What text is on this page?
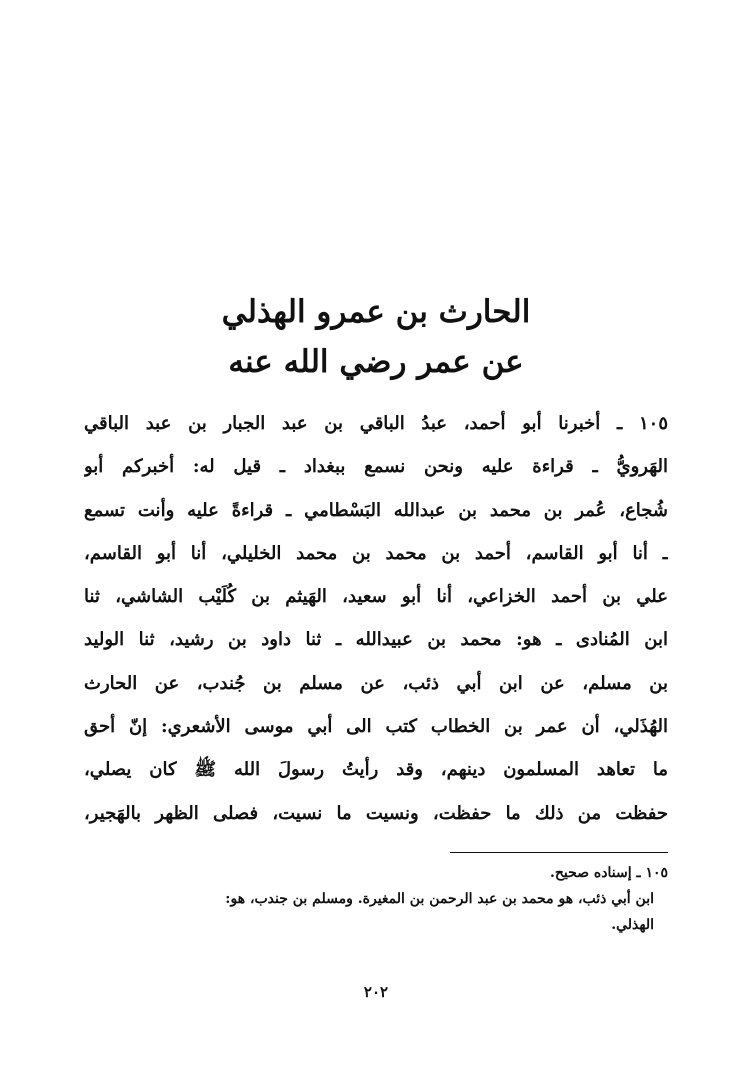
الحارث بن عمرو الهذلي
عن عمر رضي الله عنه
١٠٥ ـ أخبرنا أبو أحمد، عبدُ الباقي بن عبد الجبار بن عبد الباقي
الهَرويُّ ـ قراءة عليه ونحن نسمع ببغداد ـ قيل له: أخبركم أبو
شُجاع، عُمر بن محمد بن عبدالله البَسْطامي ـ قراءةً عليه وأنت تسمع
ـ أنا أبو القاسم، أحمد بن محمد بن محمد الخليلي، أنا أبو القاسم،
علي بن أحمد الخزاعي، أنا أبو سعيد، الهَيثم بن كُلَيْب الشاشي، ثنا
ابن المُنادى ـ هو: محمد بن عبيدالله ـ ثنا داود بن رشيد، ثنا الوليد
بن مسلم، عن ابن أبي ذئب، عن مسلم بن جُندب، عن الحارث
الهُذَلي، أن عمر بن الخطاب كتب الى أبي موسى الأشعري: إنّ أحق
ما تعاهد المسلمون دينهم، وقد رأيتُ رسولَ الله ﷺ كان يصلي،
حفظت من ذلك ما حفظت، ونسيت ما نسيت، فصلى الظهر بالهَجير،
١٠٥ ـ إسناده صحيح.
ابن أبي ذئب، هو محمد بن عبد الرحمن بن المغيرة. ومسلم بن جندب، هو:
الهذلي.
٢٠٢
